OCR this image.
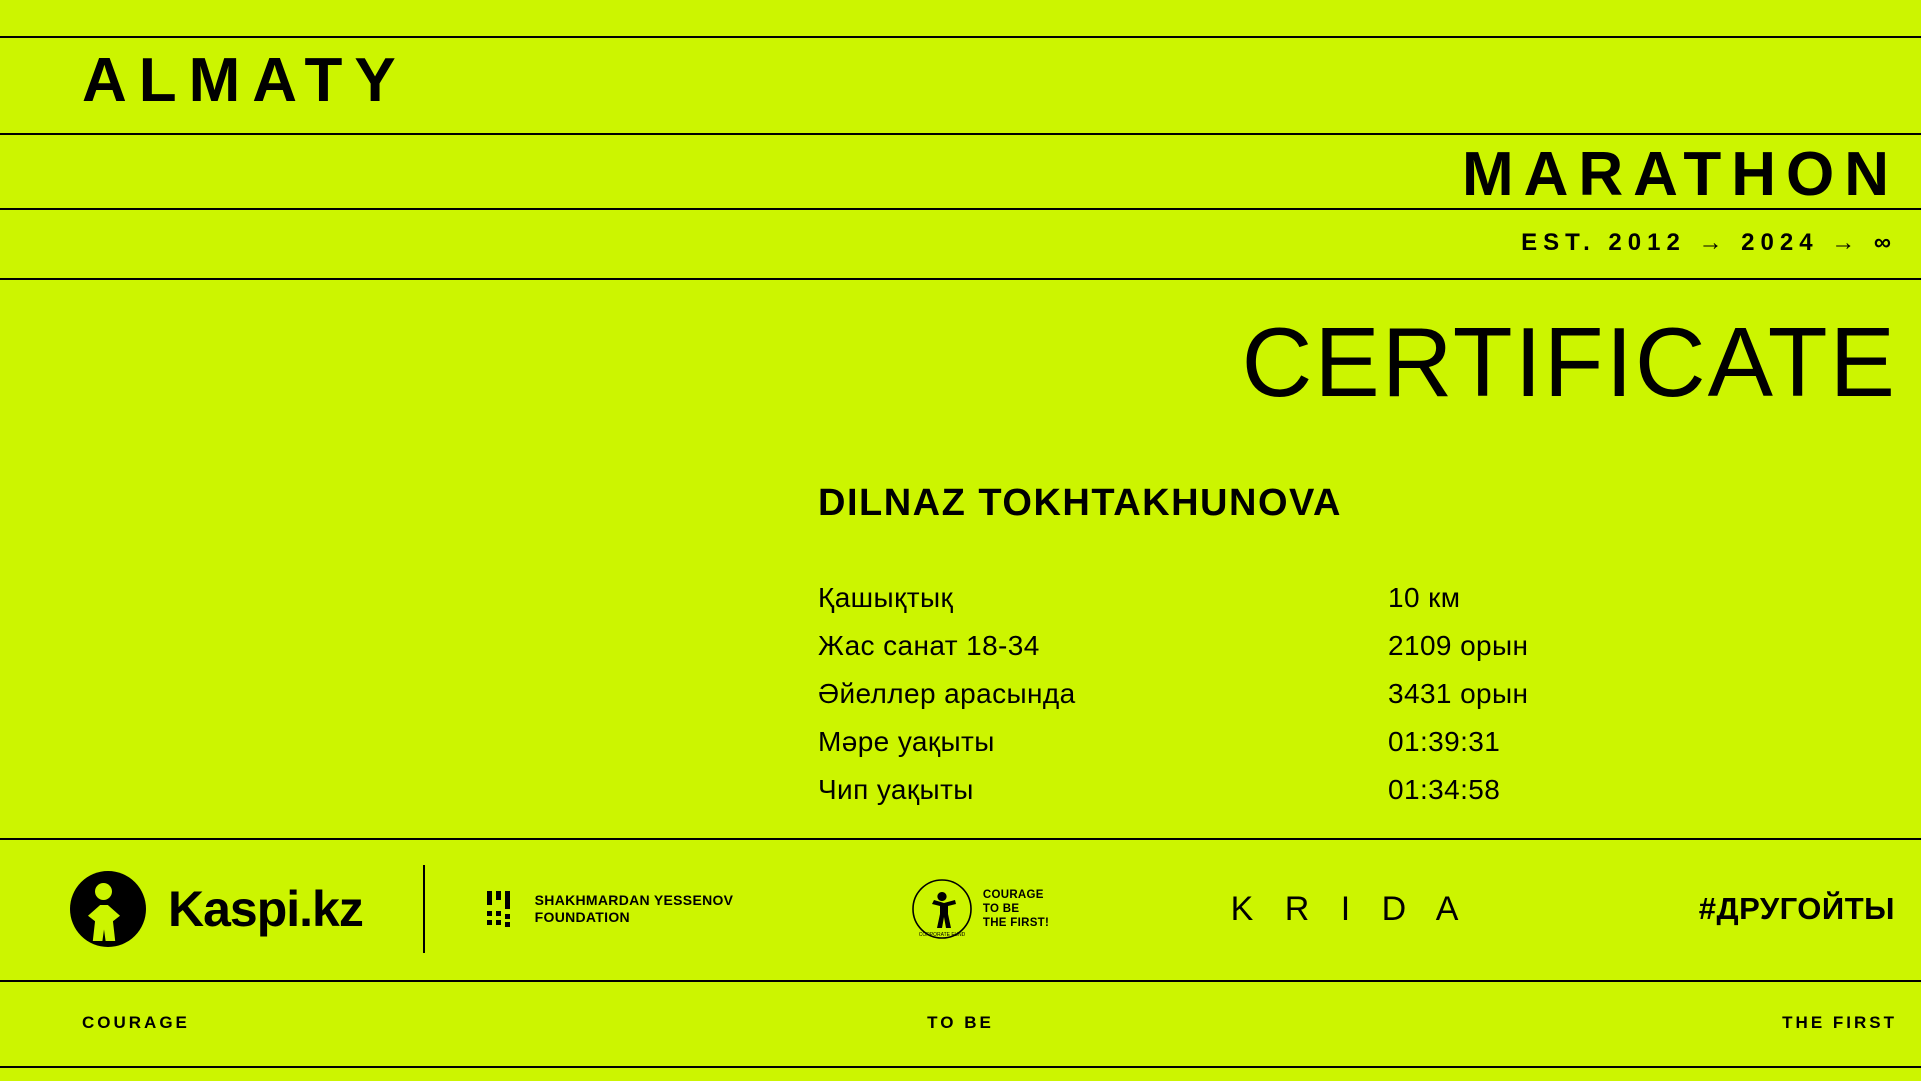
ALMATY
MARATHON
EST. 2012 → 2024 → ∞
CERTIFICATE
DILNAZ TOKHTAKHUNOVA
Қашықтық	10 км
Жас санат 18-34	2109 орын
Әйеллер арасында	3431 орын
Мәре уақыты	01:39:31
Чип уақыты	01:34:58
Kaspi.kz	SHAKHMARDAN YESSENOV
FOUNDATION
CORPORATE FUND
COURAGE
TO BE
THE FIRST!	K R I D A	#ДРУГОЙТЫ
COURAGE	TO BE	THE FIRST
